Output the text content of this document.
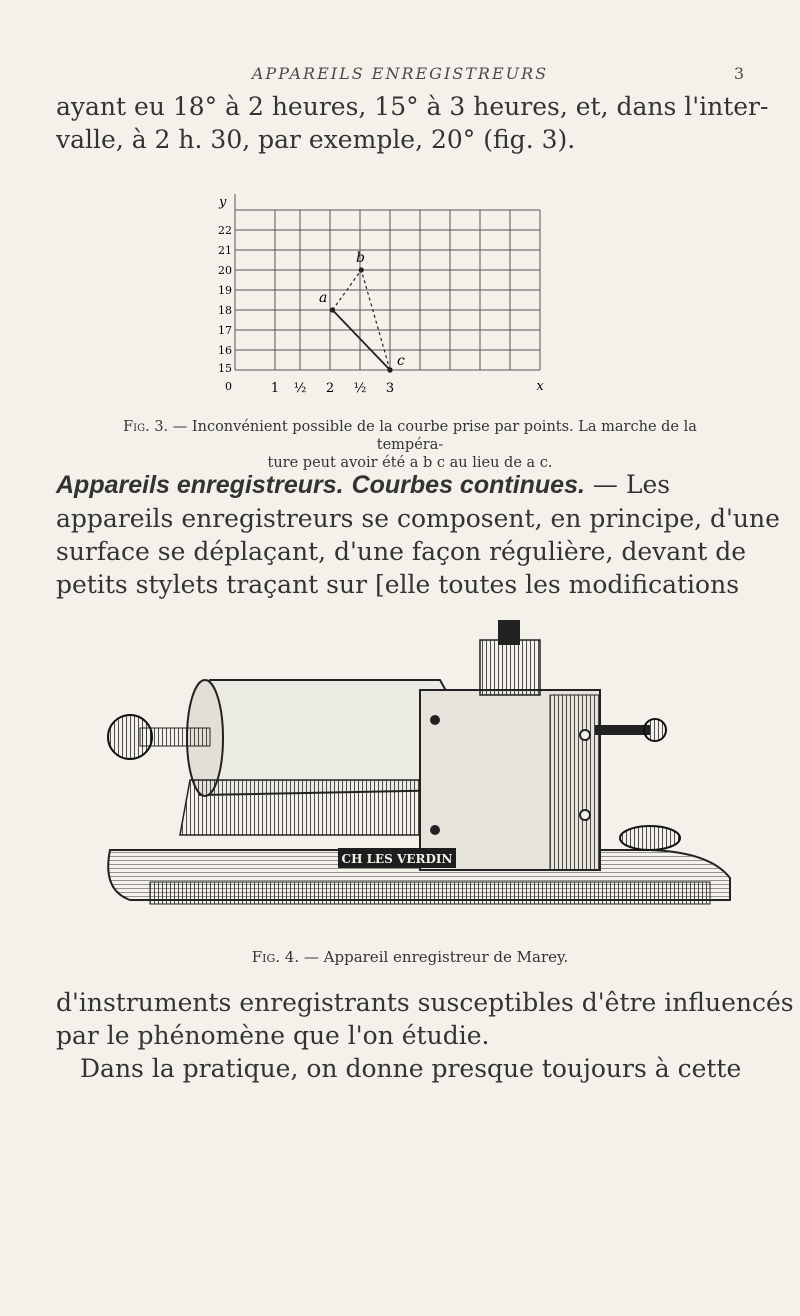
APPAREILS ENREGISTREURS	3
ayant eu 18° à 2 heures, 15° à 3 heures, et, dans l'inter-
valle, à 2 h. 30, par exemple, 20° (fig. 3).
y
22
21
20
19
18
17
16
15
0	1 ½ 2 ½ 3	x
a
b
c
Fig. 3. — Inconvénient possible de la courbe prise par points. La marche de la tempéra-
ture peut avoir été a b c au lieu de a c.
Appareils enregistreurs. Courbes continues. — Les
appareils enregistreurs se composent, en principe, d'une
surface se déplaçant, d'une façon régulière, devant de
petits stylets traçant sur [elle toutes les modifications
CH LES VERDIN
Fig. 4. — Appareil enregistreur de Marey.
d'instruments enregistrants susceptibles d'être influencés
par le phénomène que l'on étudie.
Dans la pratique, on donne presque toujours à cette
